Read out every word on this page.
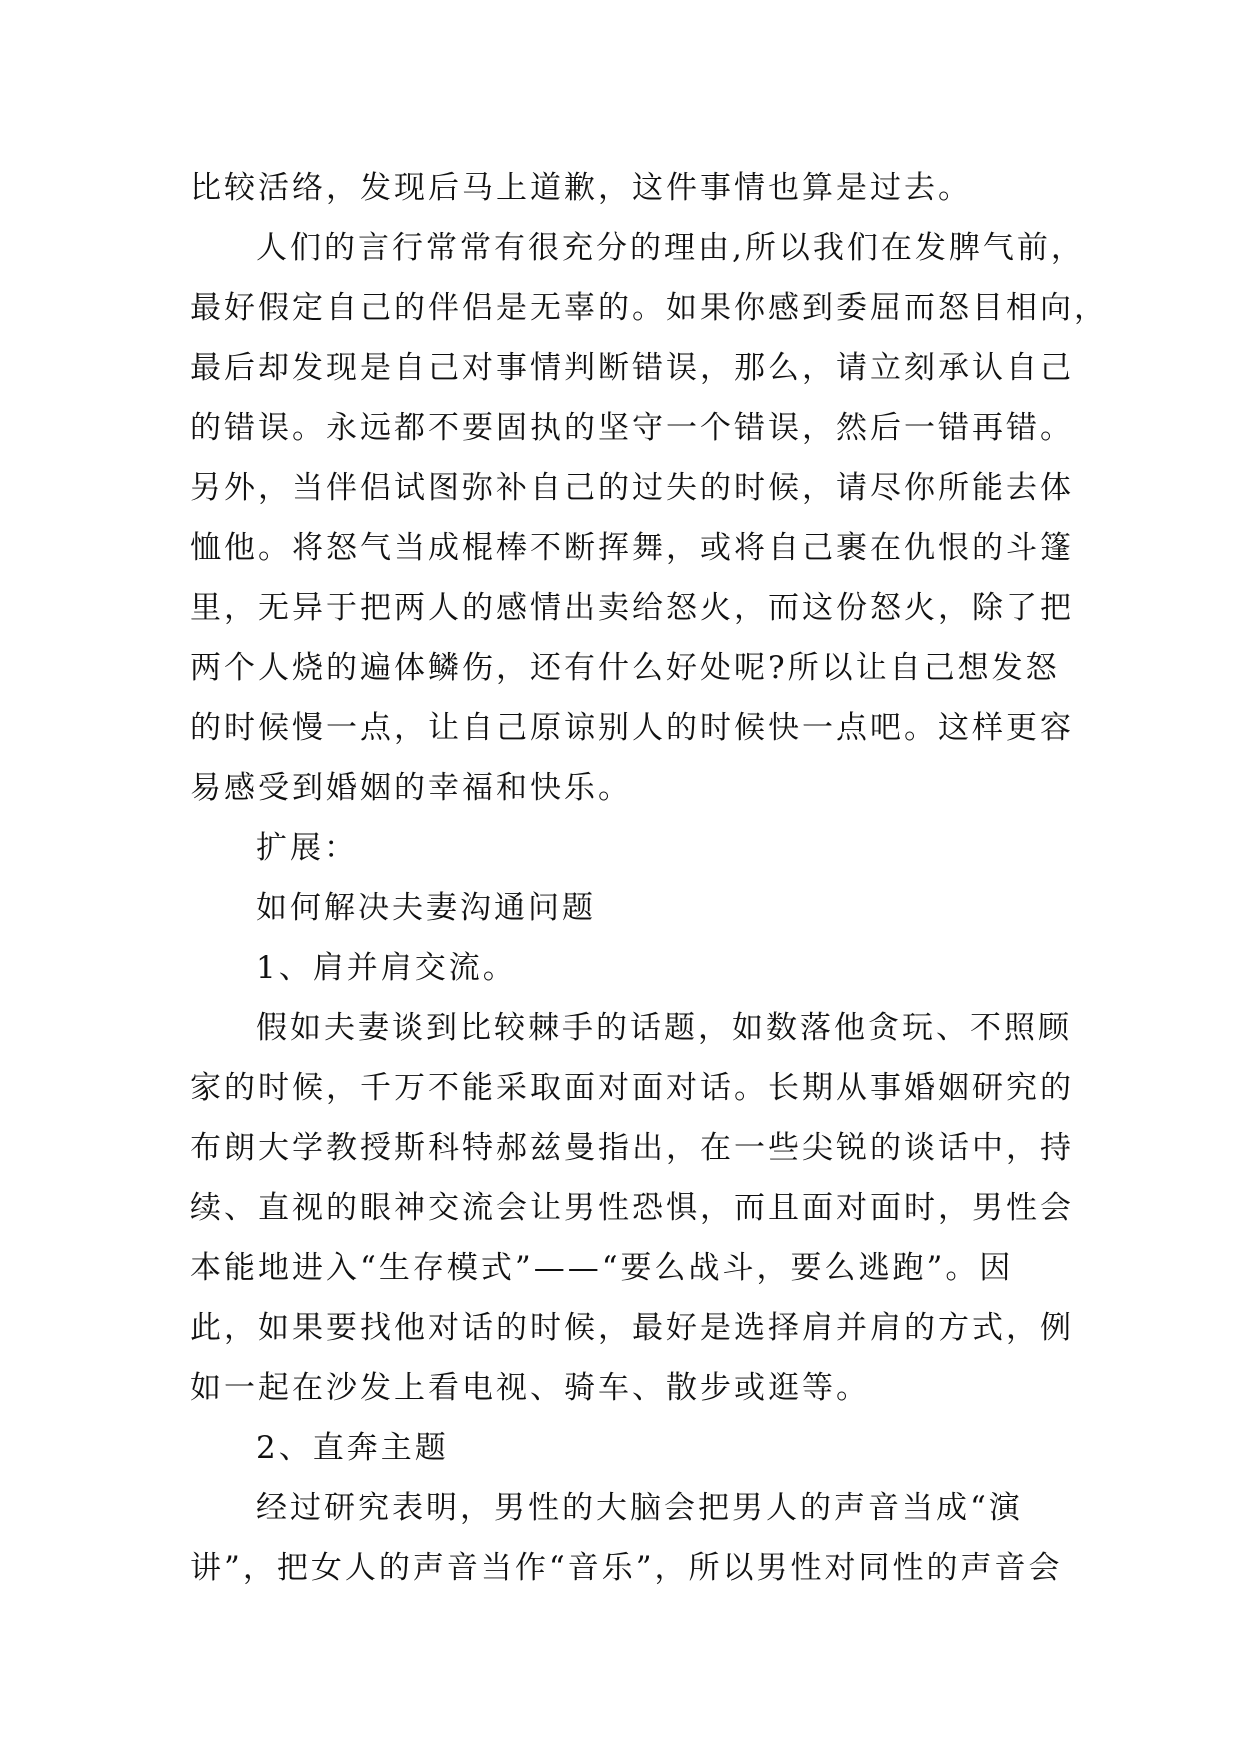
比较活络，发现后马上道歉，这件事情也算是过去。
人们的言行常常有很充分的理由,所以我们在发脾气前，
最好假定自己的伴侣是无辜的。如果你感到委屈而怒目相向，
最后却发现是自己对事情判断错误，那么，请立刻承认自己
的错误。永远都不要固执的坚守一个错误，然后一错再错。
另外，当伴侣试图弥补自己的过失的时候，请尽你所能去体
恤他。将怒气当成棍棒不断挥舞，或将自己裹在仇恨的斗篷
里，无异于把两人的感情出卖给怒火，而这份怒火，除了把
两个人烧的遍体鳞伤，还有什么好处呢?所以让自己想发怒
的时候慢一点，让自己原谅别人的时候快一点吧。这样更容
易感受到婚姻的幸福和快乐。
扩展：
如何解决夫妻沟通问题
1、肩并肩交流。
假如夫妻谈到比较棘手的话题，如数落他贪玩、不照顾
家的时候，千万不能采取面对面对话。长期从事婚姻研究的
布朗大学教授斯科特郝兹曼指出，在一些尖锐的谈话中，持
续、直视的眼神交流会让男性恐惧，而且面对面时，男性会
本能地进入“生存模式”——“要么战斗，要么逃跑”。因
此，如果要找他对话的时候，最好是选择肩并肩的方式，例
如一起在沙发上看电视、骑车、散步或逛等。
2、直奔主题
经过研究表明，男性的大脑会把男人的声音当成“演
讲”，把女人的声音当作“音乐”，所以男性对同性的声音会
